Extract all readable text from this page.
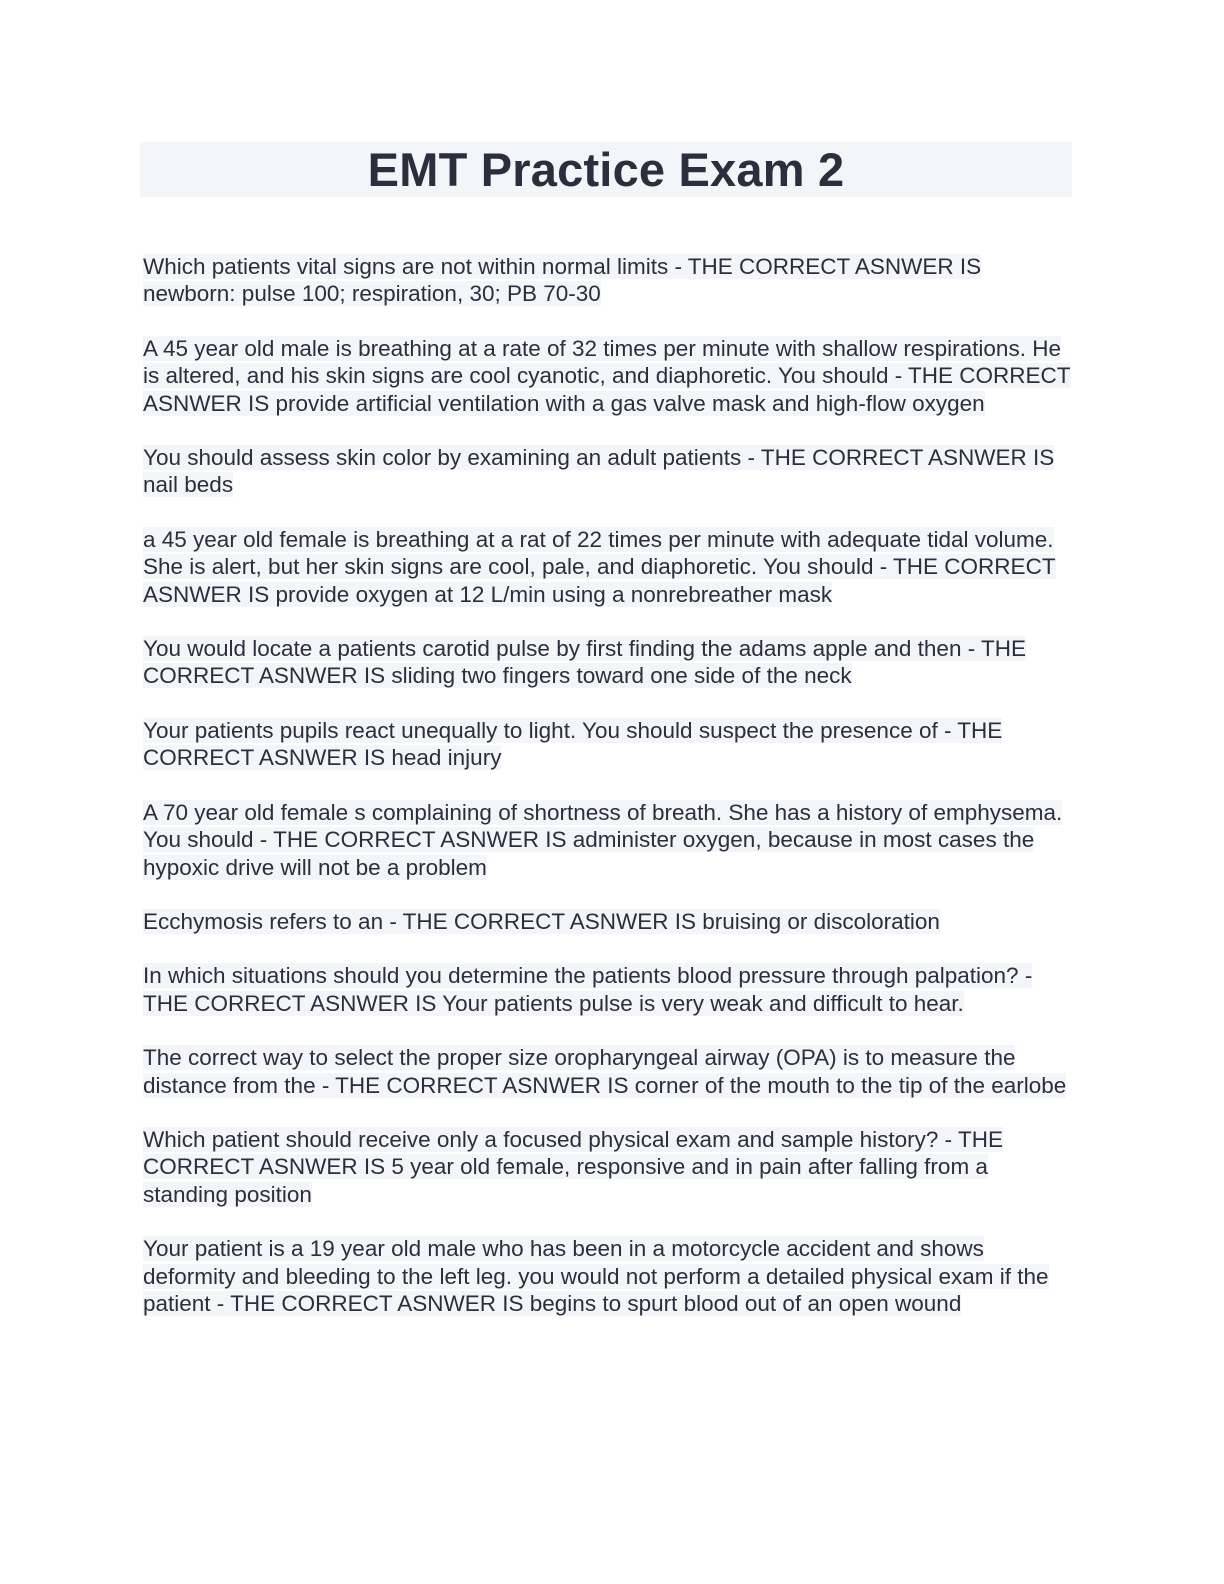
EMT Practice Exam 2

Which patients vital signs are not within normal limits - THE CORRECT ASNWER IS newborn: pulse 100; respiration, 30; PB 70-30

A 45 year old male is breathing at a rate of 32 times per minute with shallow respirations. He is altered, and his skin signs are cool cyanotic, and diaphoretic. You should - THE CORRECT ASNWER IS provide artificial ventilation with a gas valve mask and high-flow oxygen

You should assess skin color by examining an adult patients - THE CORRECT ASNWER IS nail beds

a 45 year old female is breathing at a rat of 22 times per minute with adequate tidal volume. She is alert, but her skin signs are cool, pale, and diaphoretic. You should - THE CORRECT ASNWER IS provide oxygen at 12 L/min using a nonrebreather mask

You would locate a patients carotid pulse by first finding the adams apple and then - THE CORRECT ASNWER IS sliding two fingers toward one side of the neck

Your patients pupils react unequally to light. You should suspect the presence of - THE CORRECT ASNWER IS head injury

A 70 year old female s complaining of shortness of breath. She has a history of emphysema. You should - THE CORRECT ASNWER IS administer oxygen, because in most cases the hypoxic drive will not be a problem

Ecchymosis refers to an - THE CORRECT ASNWER IS bruising or discoloration

In which situations should you determine the patients blood pressure through palpation? - THE CORRECT ASNWER IS Your patients pulse is very weak and difficult to hear.

The correct way to select the proper size oropharyngeal airway (OPA) is to measure the distance from the - THE CORRECT ASNWER IS corner of the mouth to the tip of the earlobe

Which patient should receive only a focused physical exam and sample history? - THE CORRECT ASNWER IS 5 year old female, responsive and in pain after falling from a standing position

Your patient is a 19 year old male who has been in a motorcycle accident and shows deformity and bleeding to the left leg. you would not perform a detailed physical exam if the patient - THE CORRECT ASNWER IS begins to spurt blood out of an open wound
